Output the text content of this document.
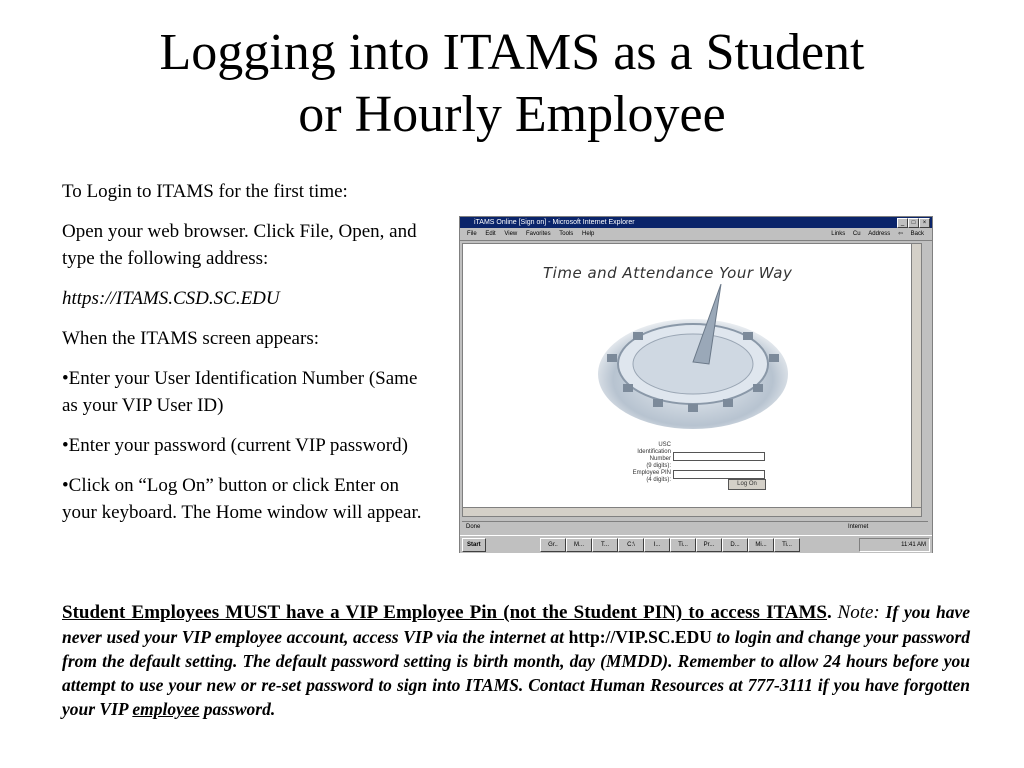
Logging into ITAMS as a Student
or Hourly Employee

To Login to ITAMS for the first time:

Open your web browser. Click File, Open, and type the following address:

https://ITAMS.CSD.SC.EDU

When the ITAMS screen appears:

•Enter your User Identification Number (Same as your VIP User ID)

•Enter your password (current VIP password)

•Click on “Log On” button or click Enter on your keyboard. The Home window will appear.

iTAMS Online [Sign on] - Microsoft Internet Explorer	_	□	×
File Edit View Favorites Tools Help	Links Cu Address ⇦ Back
Time and Attendance Your Way
USC
Identification
Number
(9 digits):
Employee PIN
(4 digits):
Log On
Done	Internet
Start	Gr..	M...	T...	C:\	I...	Ti...	Pr...	D...	Mi...	Ti...	11:41 AM
Student Employees MUST have a VIP Employee Pin (not the Student PIN) to access ITAMS. Note: If you have never used your VIP employee account, access VIP via the internet at http://VIP.SC.EDU to login and change your password from the default setting. The default password setting is birth month, day (MMDD). Remember to allow 24 hours before you attempt to use your new or re-set password to sign into ITAMS. Contact Human Resources at 777-3111 if you have forgotten your VIP employee password.
